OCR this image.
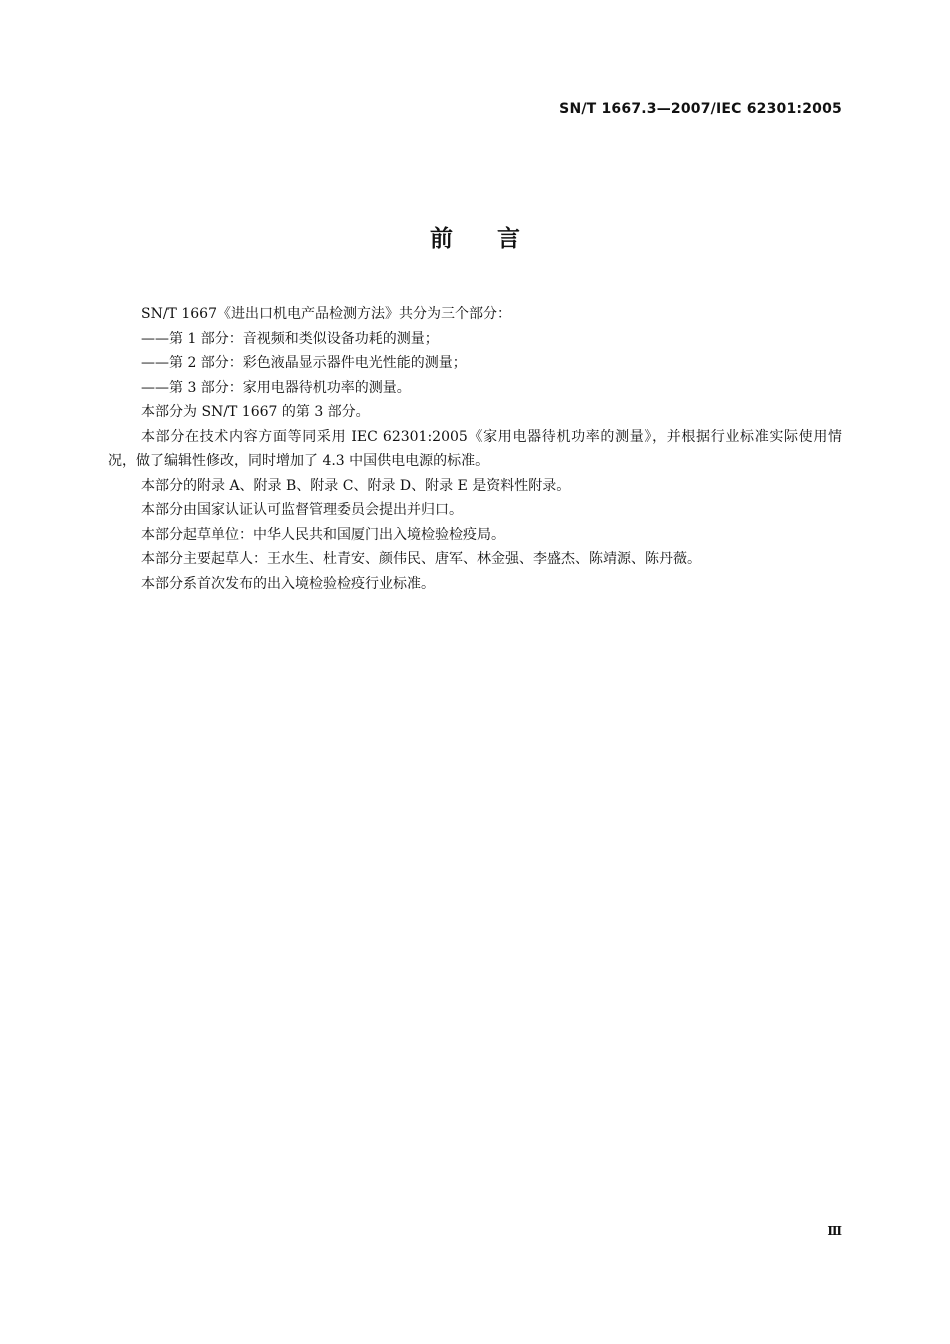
SN/T 1667.3—2007/IEC 62301:2005
前言

SN/T 1667《进出口机电产品检测方法》共分为三个部分：

——第 1 部分：音视频和类似设备功耗的测量；

——第 2 部分：彩色液晶显示器件电光性能的测量；

——第 3 部分：家用电器待机功率的测量。

本部分为 SN/T 1667 的第 3 部分。

本部分在技术内容方面等同采用 IEC 62301:2005《家用电器待机功率的测量》，并根据行业标准实际使用情况，做了编辑性修改，同时增加了 4.3 中国供电电源的标准。

本部分的附录 A、附录 B、附录 C、附录 D、附录 E 是资料性附录。

本部分由国家认证认可监督管理委员会提出并归口。

本部分起草单位：中华人民共和国厦门出入境检验检疫局。

本部分主要起草人：王水生、杜青安、颜伟民、唐军、林金强、李盛杰、陈靖源、陈丹薇。

本部分系首次发布的出入境检验检疫行业标准。

Ⅲ
